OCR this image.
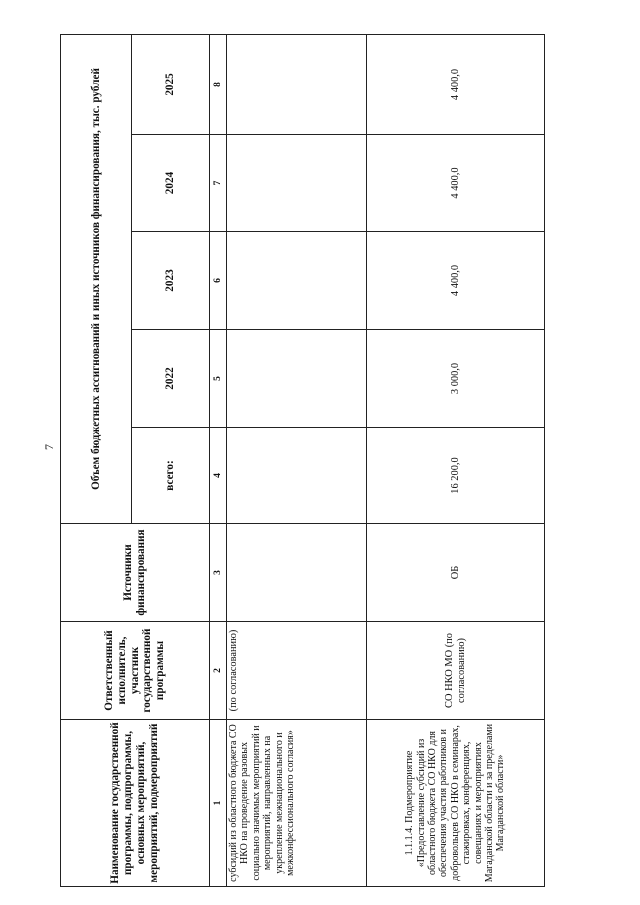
7
Наименование государственной программы, подпрограммы, основных мероприятий, мероприятий, подмероприятий	Ответственный исполнитель, участник государственной программы	Источники финансирования	Объем бюджетных ассигнований и иных источников финансирования, тыс. рублей				
			всего:	2022	2023	2024	2025
1	2	3	4	5	6	7	8
субсидий из областного бюджета СО НКО на проведение разовых социально значимых мероприятий и мероприятий, направленных на укрепление межнационального и межконфессионального согласия»	(по согласованию)						
1.1.1.4. Подмероприятие «Предоставление субсидий из областного бюджета СО НКО для обеспечения участия работников и добровольцев СО НКО в семинарах, стажировках, конференциях, совещаниях и мероприятиях Магаданской области и за пределами Магаданской области»	СО НКО МО (по согласованию)	ОБ	16 200,0	3 000,0	4 400,0	4 400,0	4 400,0
